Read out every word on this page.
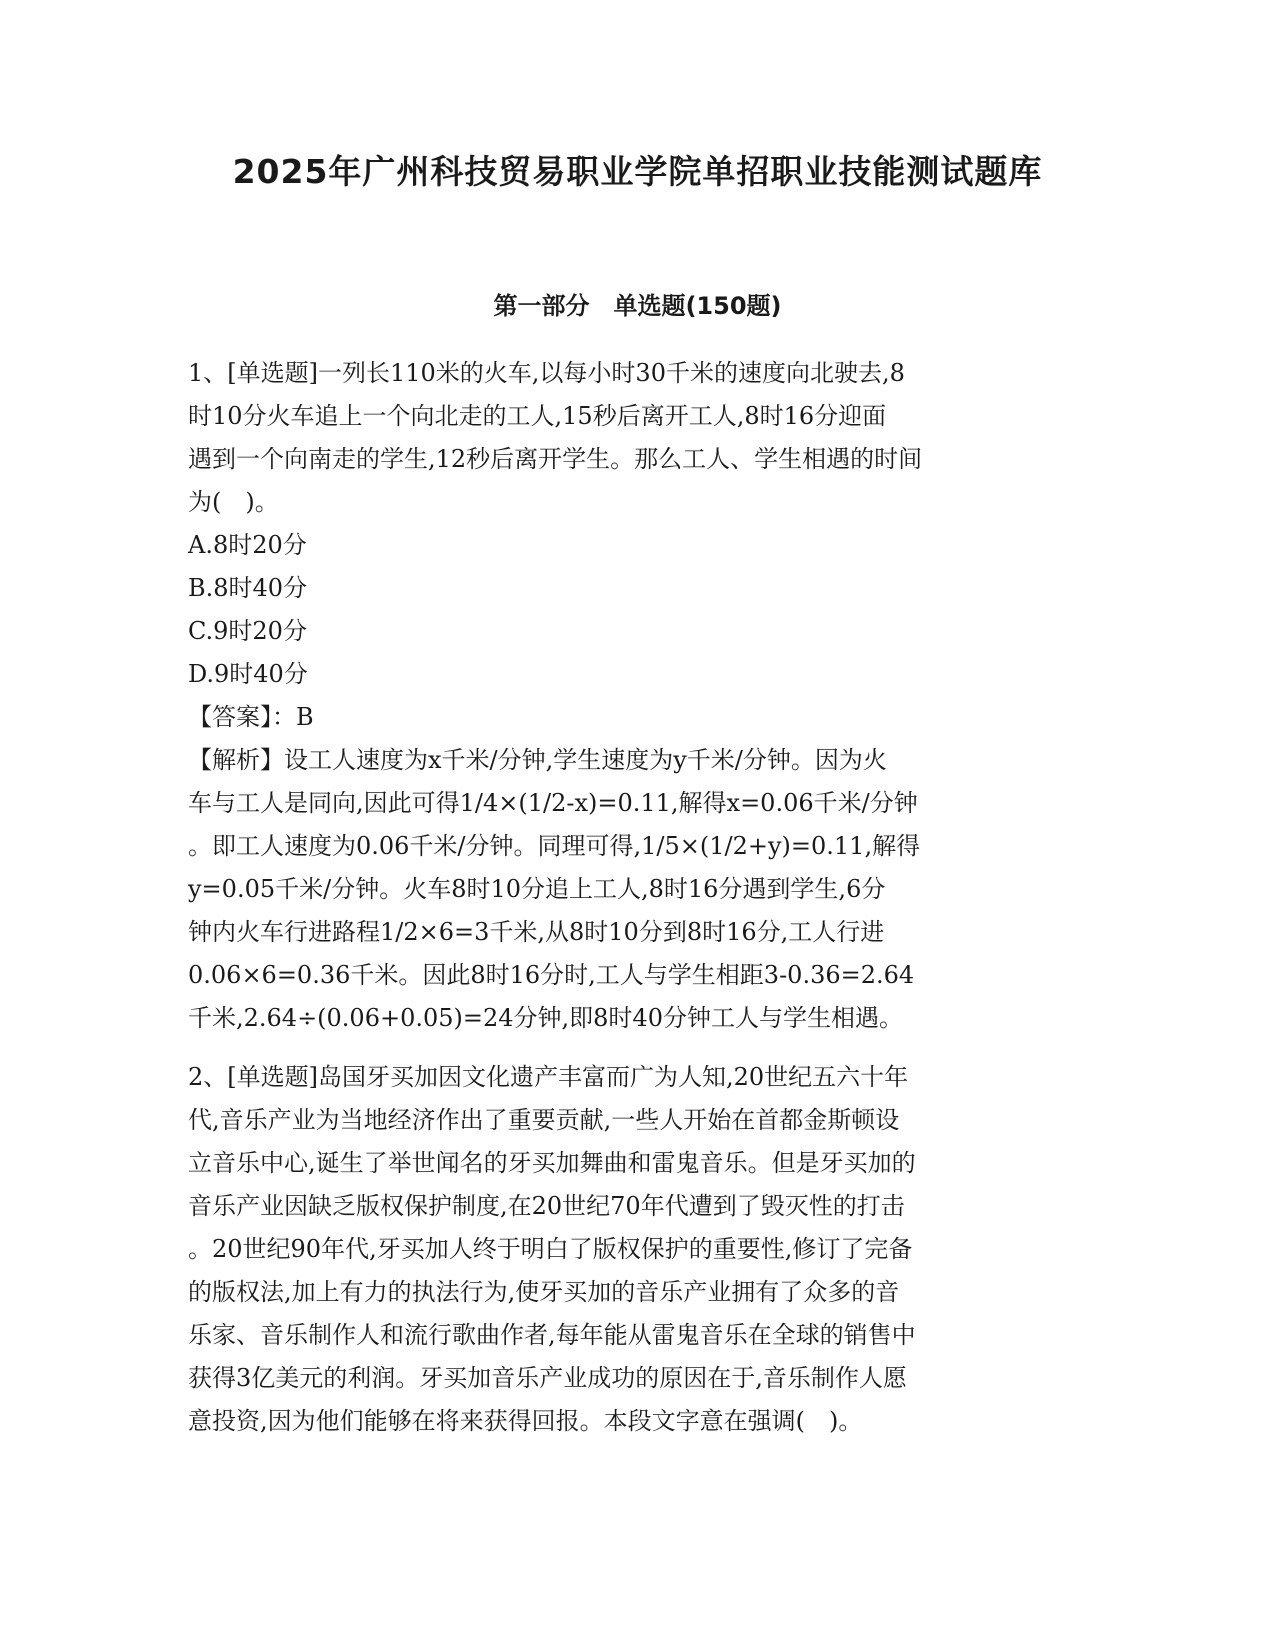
2025年广州科技贸易职业学院单招职业技能测试题库
第一部分　单选题(150题)
1、[单选题]一列长110米的火车,以每小时30千米的速度向北驶去,8
时10分火车追上一个向北走的工人,15秒后离开工人,8时16分迎面
遇到一个向南走的学生,12秒后离开学生。那么工人、学生相遇的时间
为(　)。
A.8时20分
B.8时40分
C.9时20分
D.9时40分
【答案】：B
【解析】设工人速度为x千米/分钟,学生速度为y千米/分钟。因为火
车与工人是同向,因此可得1/4×(1/2-x)=0.11,解得x=0.06千米/分钟
。即工人速度为0.06千米/分钟。同理可得,1/5×(1/2+y)=0.11,解得
y=0.05千米/分钟。火车8时10分追上工人,8时16分遇到学生,6分
钟内火车行进路程1/2×6=3千米,从8时10分到8时16分,工人行进
0.06×6=0.36千米。因此8时16分时,工人与学生相距3-0.36=2.64
千米,2.64÷(0.06+0.05)=24分钟,即8时40分钟工人与学生相遇。
2、[单选题]岛国牙买加因文化遗产丰富而广为人知,20世纪五六十年
代,音乐产业为当地经济作出了重要贡献,一些人开始在首都金斯顿设
立音乐中心,诞生了举世闻名的牙买加舞曲和雷鬼音乐。但是牙买加的
音乐产业因缺乏版权保护制度,在20世纪70年代遭到了毁灭性的打击
。20世纪90年代,牙买加人终于明白了版权保护的重要性,修订了完备
的版权法,加上有力的执法行为,使牙买加的音乐产业拥有了众多的音
乐家、音乐制作人和流行歌曲作者,每年能从雷鬼音乐在全球的销售中
获得3亿美元的利润。牙买加音乐产业成功的原因在于,音乐制作人愿
意投资,因为他们能够在将来获得回报。本段文字意在强调(　)。
